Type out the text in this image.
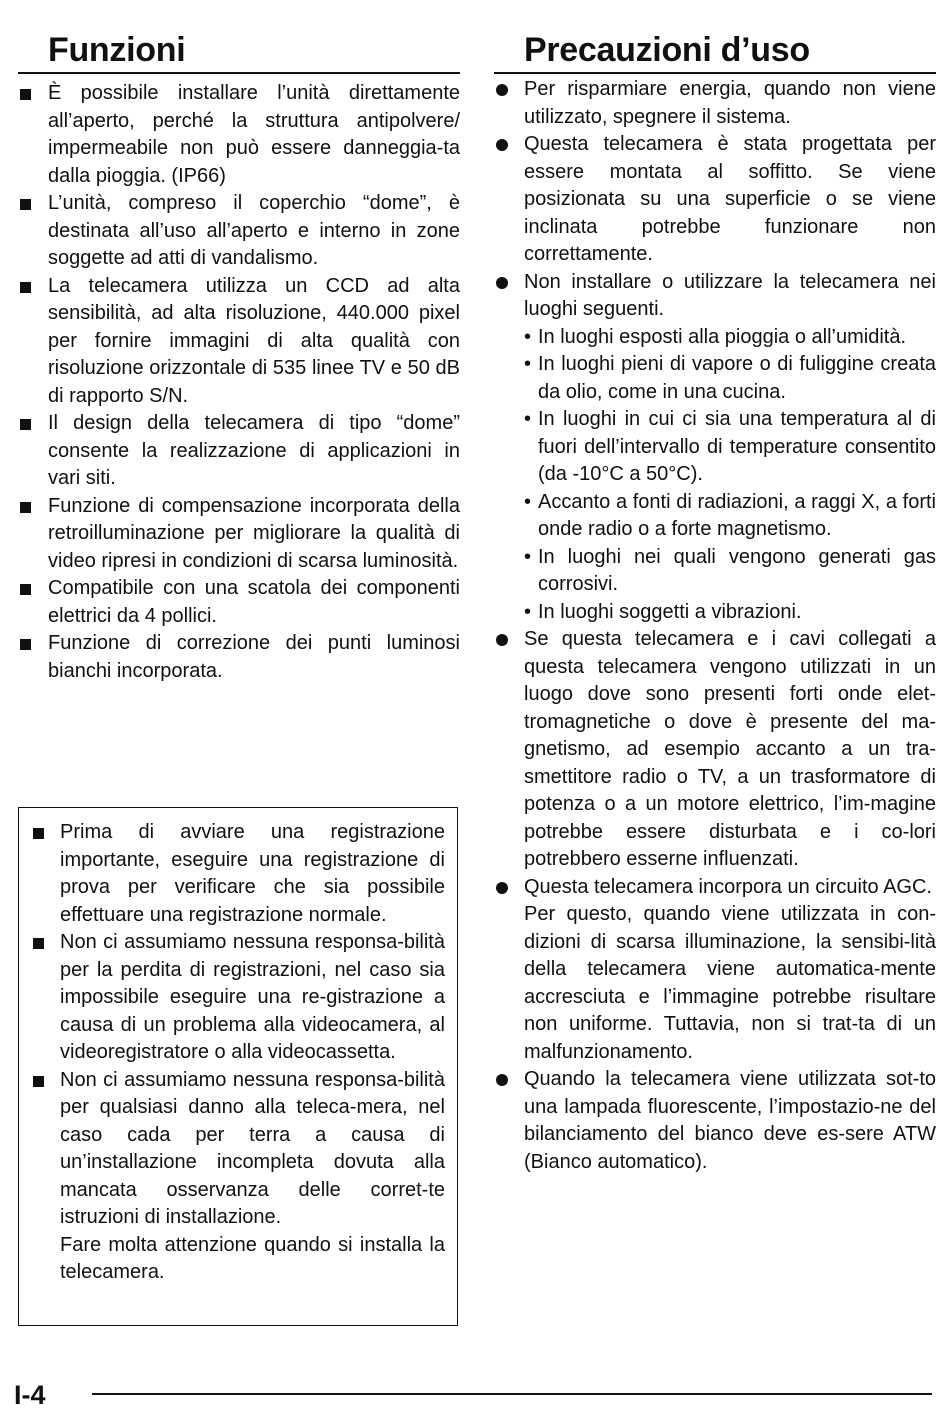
Funzioni
È possibile installare l’unità direttamente all’aperto, perché la struttura antipolvere/ impermeabile non può essere danneggia-ta dalla pioggia. (IP66)
L’unità, compreso il coperchio “dome”, è destinata all’uso all’aperto e interno in zone soggette ad atti di vandalismo.
La telecamera utilizza un CCD ad alta sensibilità, ad alta risoluzione, 440.000 pixel per fornire immagini di alta qualità con risoluzione orizzontale di 535 linee TV e 50 dB di rapporto S/N.
Il design della telecamera di tipo “dome” consente la realizzazione di applicazioni in vari siti.
Funzione di compensazione incorporata della retroilluminazione per migliorare la qualità di video ripresi in condizioni di scarsa luminosità.
Compatibile con una scatola dei componenti elettrici da 4 pollici.
Funzione di correzione dei punti luminosi bianchi incorporata.
Prima di avviare una registrazione importante, eseguire una registrazione di prova per verificare che sia possibile effettuare una registrazione normale.
Non ci assumiamo nessuna responsa-bilità per la perdita di registrazioni, nel caso sia impossibile eseguire una re-gistrazione a causa di un problema alla videocamera, al videoregistratore o alla videocassetta.
Non ci assumiamo nessuna responsa-bilità per qualsiasi danno alla teleca-mera, nel caso cada per terra a causa di un’installazione incompleta dovuta alla mancata osservanza delle corret-te istruzioni di installazione.
Fare molta attenzione quando si installa la telecamera.
Precauzioni d’uso
Per risparmiare energia, quando non viene utilizzato, spegnere il sistema.
Questa telecamera è stata progettata per essere montata al soffitto. Se viene posizionata su una superficie o se viene inclinata potrebbe funzionare non correttamente.
Non installare o utilizzare la telecamera nei luoghi seguenti.
• In luoghi esposti alla pioggia o all’umidità.
• In luoghi pieni di vapore o di fuliggine creata da olio, come in una cucina.
• In luoghi in cui ci sia una temperatura al di fuori dell’intervallo di temperature consentito (da -10°C a 50°C).
• Accanto a fonti di radiazioni, a raggi X, a forti onde radio o a forte magnetismo.
• In luoghi nei quali vengono generati gas corrosivi.
• In luoghi soggetti a vibrazioni.
Se questa telecamera e i cavi collegati a questa telecamera vengono utilizzati in un luogo dove sono presenti forti onde elet-tromagnetiche o dove è presente del ma-gnetismo, ad esempio accanto a un tra-smettitore radio o TV, a un trasformatore di potenza o a un motore elettrico, l’im-magine potrebbe essere disturbata e i co-lori potrebbero esserne influenzati.
Questa telecamera incorpora un circuito AGC.
Per questo, quando viene utilizzata in con-dizioni di scarsa illuminazione, la sensibi-lità della telecamera viene automatica-mente accresciuta e l’immagine potrebbe risultare non uniforme. Tuttavia, non si trat-ta di un malfunzionamento.
Quando la telecamera viene utilizzata sot-to una lampada fluorescente, l’impostazio-ne del bilanciamento del bianco deve es-sere ATW (Bianco automatico).
I-4
